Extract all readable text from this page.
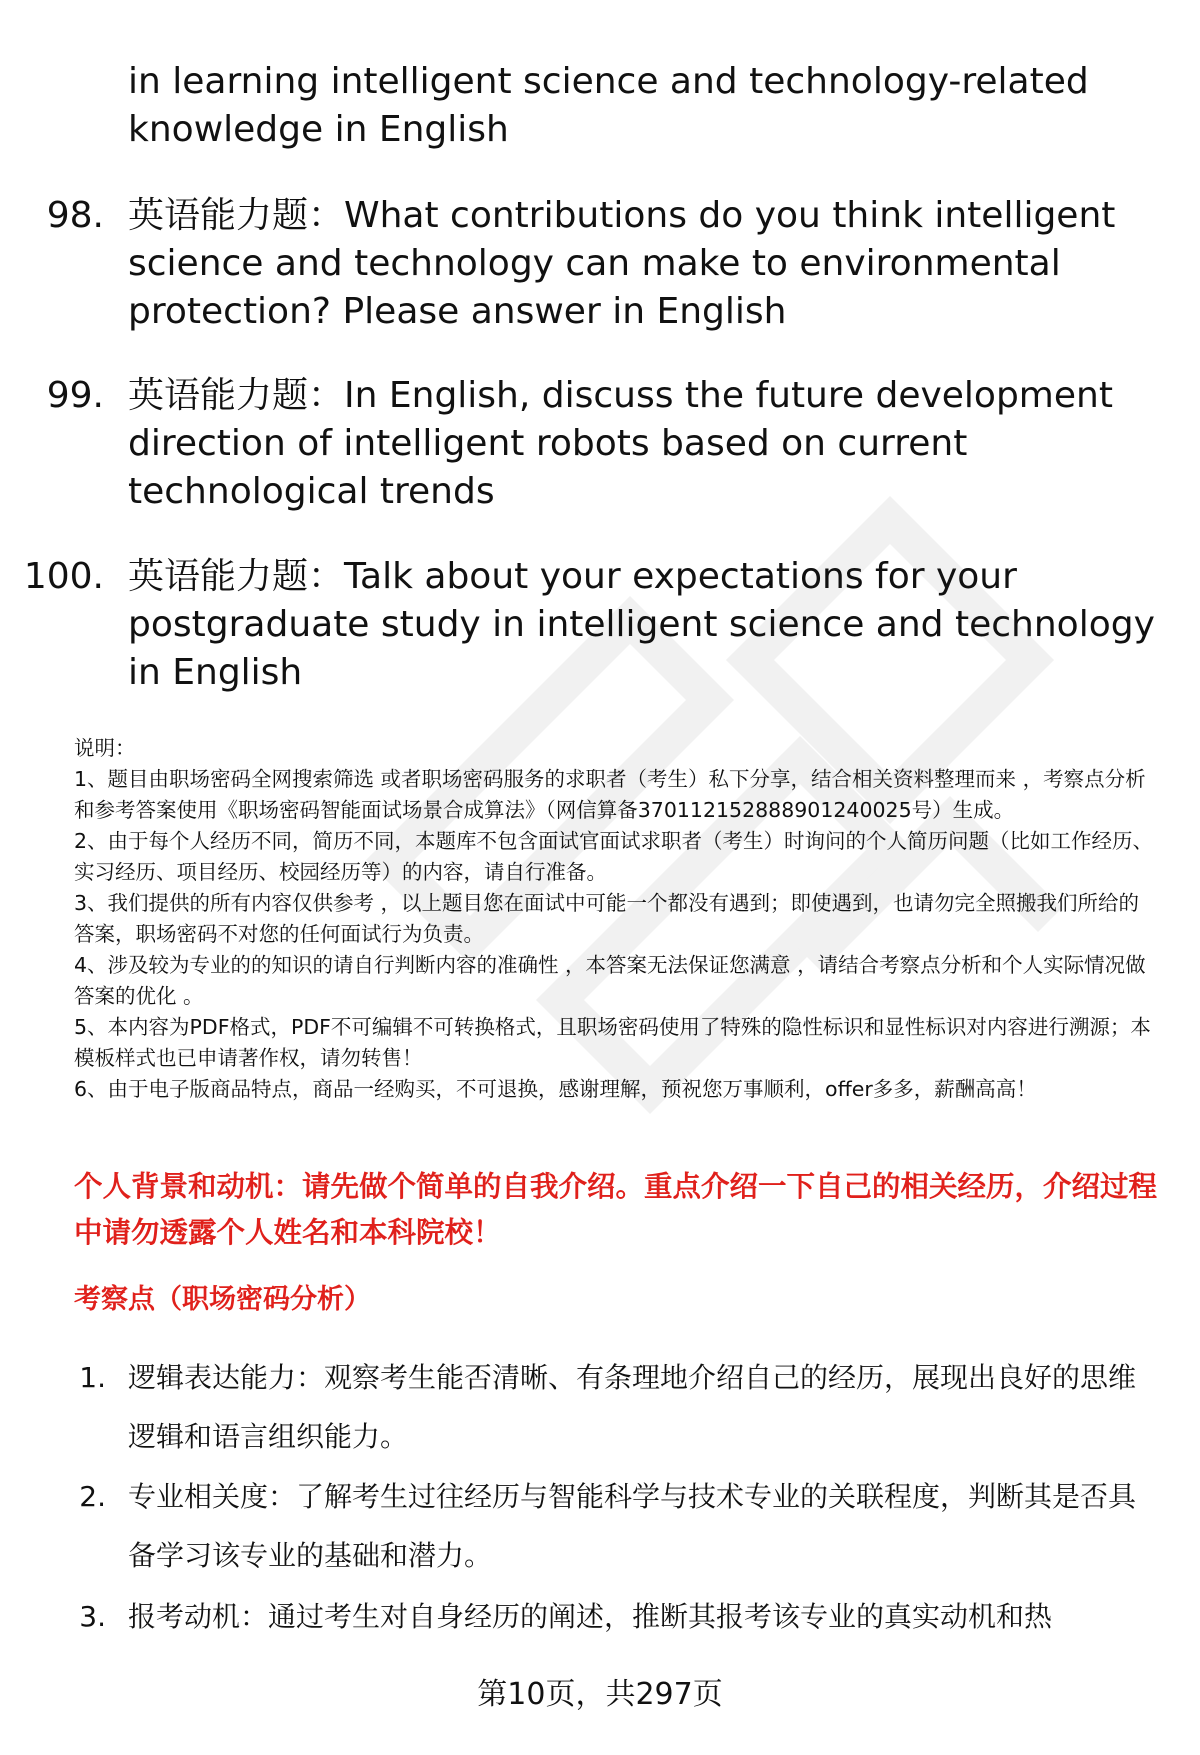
in learning intelligent science and technology-related knowledge in English
98. 英语能力题：What contributions do you think intelligent science and technology can make to environmental protection? Please answer in English
99. 英语能力题：In English, discuss the future development direction of intelligent robots based on current technological trends
100. 英语能力题：Talk about your expectations for your postgraduate study in intelligent science and technology in English

说明：

1、题目由职场密码全网搜索筛选 或者职场密码服务的求职者（考生）私下分享，结合相关资料整理而来 ，考察点分析和参考答案使用《职场密码智能面试场景合成算法》（网信算备370112152888901240025号）生成。

2、由于每个人经历不同，简历不同，本题库不包含面试官面试求职者（考生）时询问的个人简历问题（比如工作经历、实习经历、项目经历、校园经历等）的内容，请自行准备。

3、我们提供的所有内容仅供参考 ，以上题目您在面试中可能一个都没有遇到；即使遇到，也请勿完全照搬我们所给的答案，职场密码不对您的任何面试行为负责。

4、涉及较为专业的的知识的请自行判断内容的准确性 ，本答案无法保证您满意 ，请结合考察点分析和个人实际情况做答案的优化 。

5、本内容为PDF格式，PDF不可编辑不可转换格式，且职场密码使用了特殊的隐性标识和显性标识对内容进行溯源；本模板样式也已申请著作权，请勿转售！

6、由于电子版商品特点，商品一经购买，不可退换，感谢理解，预祝您万事顺利，offer多多，薪酬高高！

个人背景和动机：请先做个简单的自我介绍。重点介绍一下自己的相关经历，介绍过程中请勿透露个人姓名和本科院校！
考察点（职场密码分析）
1. 逻辑表达能力：观察考生能否清晰、有条理地介绍自己的经历，展现出良好的思维逻辑和语言组织能力。
2. 专业相关度：了解考生过往经历与智能科学与技术专业的关联程度，判断其是否具备学习该专业的基础和潜力。
3. 报考动机：通过考生对自身经历的阐述，推断其报考该专业的真实动机和热
第10页，共297页
